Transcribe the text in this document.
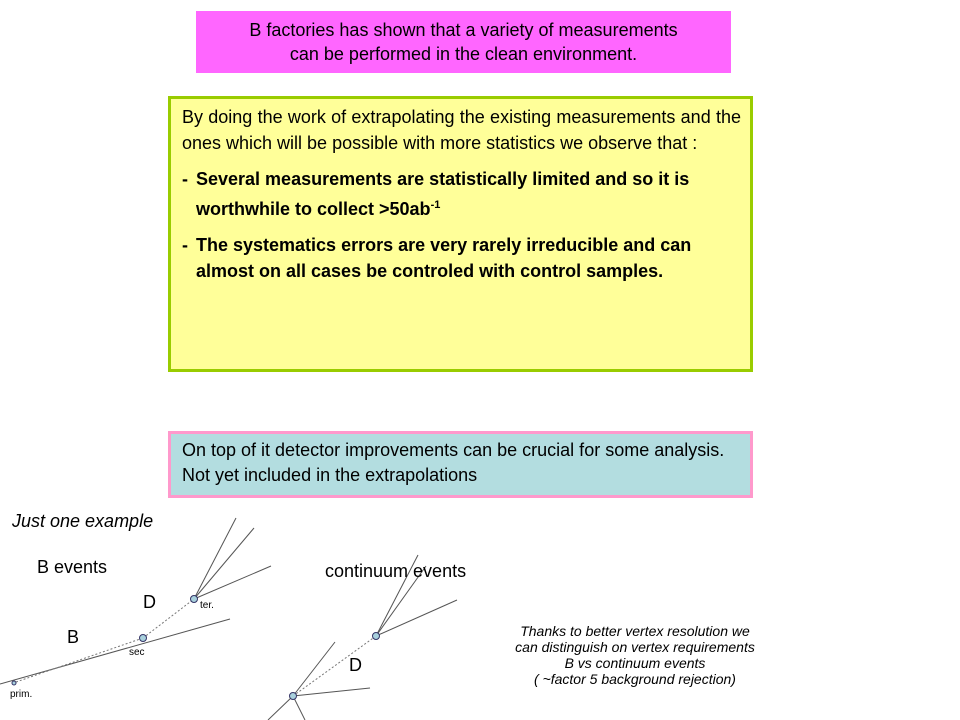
B factories has shown that a variety of measurements
can be performed in the clean environment.

By doing the work of extrapolating the existing measurements and the ones which will be possible with more statistics we observe that :

- Several measurements are statistically limited and so it is worthwhile to collect $>50ab^{-1}$
- The systematics errors are very rarely irreducible and can almost on all cases be controled with control samples.
On top of it detector improvements can be crucial for some analysis. Not yet included in the extrapolations
Just one example
B events	continuum events
D
B
D
ter.
sec
prim.
Thanks to better vertex resolution we
can distinguish on vertex requirements
B vs continuum events
( ~factor 5 background rejection)
